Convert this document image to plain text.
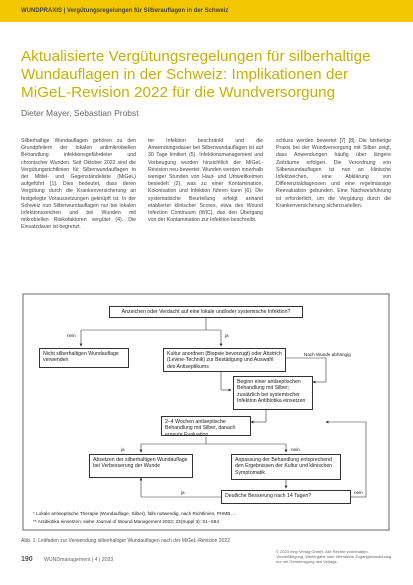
WUNDPRAXIS | Vergütungsregelungen für Silberauflagen in der Schweiz
Aktualisierte Vergütungsregelungen für silberhaltige Wundauflagen in der Schweiz: Implikationen der MiGeL-Revision 2022 für die Wundversorgung
Dieter Mayer, Sebastian Probst

Silberhaltige Wundauflagen gehören zu den Grundpfeilern der lokalen antimikrobiellen Behandlung infektionsgefährdeter und chronischer Wunden. Seit Oktober 2022 sind die Vergütungsrichtlinien für Silberwundauflagen in der Mittel- und Gegenständeliste (MiGeL) aufgeführt [1]. Dies bedeutet, dass deren Vergütung durch die Krankenversicherung an festgelegte Voraussetzungen geknüpft ist. In der Schweiz nun Silberwundauflagen nur bei lokalen Infektionszeichen und bei Wunden mit mikrobiellen Risikofaktoren vergütet (4). Die Einsatzdauer ist begrenzt.

ter Infektion beschränkt und die Anwendungsdauer bei Silberwundauflagen ist auf 30 Tage limitiert (5). Infektionsmanagement und Vorbeugung wurden hinsichtlich der MiGeL-Revision neu bewertet. Wunden werden innerhalb weniger Stunden von Haut- und Umweltkeimen besiedelt (2), was zu einer Kontamination, Kolonisation und Infektion führen kann (6). Die systematische Beurteilung erfolgt anhand etablierter klinischer Scores, etwa des Wound Infection Continuum (WIC), das den Übergang von der Kontamination zur Infektion beschreibt.

schluss werden bewertet [7] [8]. Die bisherige Praxis bei der Wundversorgung mit Silber zeigt, dass Anwendungen häufig über längere Zeiträume erfolgen. Die Verordnung von Silberwundauflagen ist nun an klinische Infektzeichen, eine Abklärung von Differenzialdiagnosen und eine regelmässige Reevaluation gebunden. Eine Nachweisführung ist erforderlich, um die Vergütung durch die Krankenversicherung sicherzustellen.

Anzeichen oder Verdacht auf eine lokale und/oder systemische Infektion?
nein	ja
Nicht silberhaltigen Wundauflage verwenden
Kultur anordnen (Biopsie bevorzugt) oder Abstrich (Levine-Technik) zur Bestätigung und Auswahl des Antiseptikums
Nach Wunde abhängig
Beginn einer antiseptischen Behandlung mit Silber; zusätzlich bei systemischer Infektion Antibiotika einsetzen
2–4 Wochen antiseptische Behandlung mit Silber, danach erneute Evaluation
ja	nein
Absetzen der silberhaltigen Wundauflage bei Verbesserung der Wunde
Anpassung der Behandlung entsprechend den Ergebnissen der Kultur und klinischen Symptomatik
ja	nein
Deutliche Besserung nach 14 Tagen?
* Lokale antiseptische Therapie (Wundauflage, Silber), falls notwendig, nach Richtlinien, PHMB, ...
** Antibiotika einsetzen: siehe Journal of Wound Management 2022; 23(Suppl 3): S1–S84
Abb. 1: Leitfaden zur Verwendung silberhaltiger Wundauflagen nach der MiGeL-Revision 2022
190 WUNDmanagement | 4 | 2023
© 2023 mhp Verlag GmbH. Alle Rechte vorbehalten. Vervielfältigung, Weitergabe oder öffentliche Zugänglichmachung nur mit Genehmigung des Verlags.
